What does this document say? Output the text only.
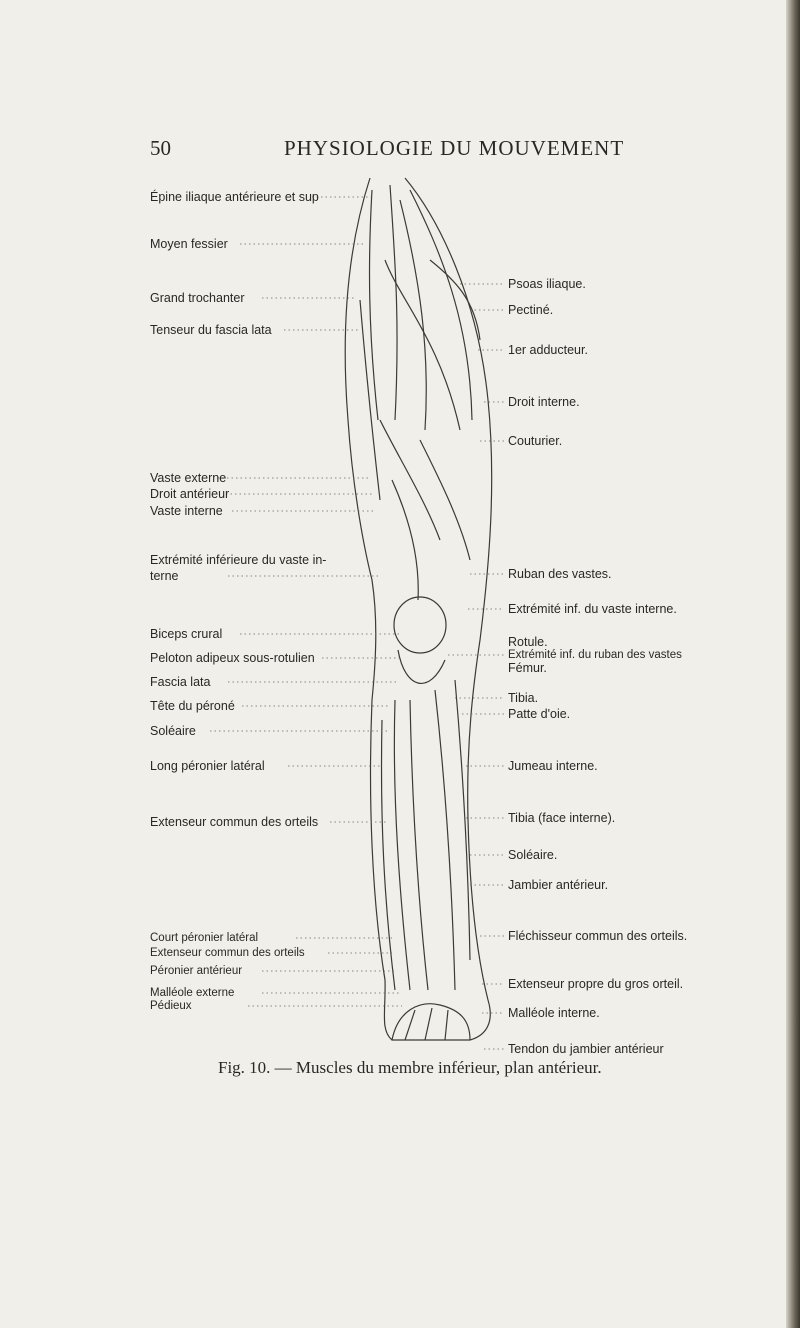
50	PHYSIOLOGIE DU MOUVEMENT
Épine iliaque antérieure et sup
Moyen fessier
Grand trochanter
Tenseur du fascia lata
Vaste externe
Droit antérieur
Vaste interne
Extrémité inférieure du vaste in-
terne
Biceps crural
Peloton adipeux sous-rotulien
Fascia lata
Tête du péroné
Soléaire
Long péronier latéral
Extenseur commun des orteils
Court péronier latéral
Extenseur commun des orteils
Péronier antérieur
Malléole externe
Pédieux
Psoas iliaque.
Pectiné.
1er adducteur.
Droit interne.
Couturier.
Ruban des vastes.
Extrémité inf. du vaste interne.
Rotule.
Extrémité inf. du ruban des vastes
Fémur.
Tibia.
Patte d'oie.
Jumeau interne.
Tibia (face interne).
Soléaire.
Jambier antérieur.
Fléchisseur commun des orteils.
Extenseur propre du gros orteil.
Malléole interne.
Tendon du jambier antérieur
Fig. 10. — Muscles du membre inférieur, plan antérieur.
